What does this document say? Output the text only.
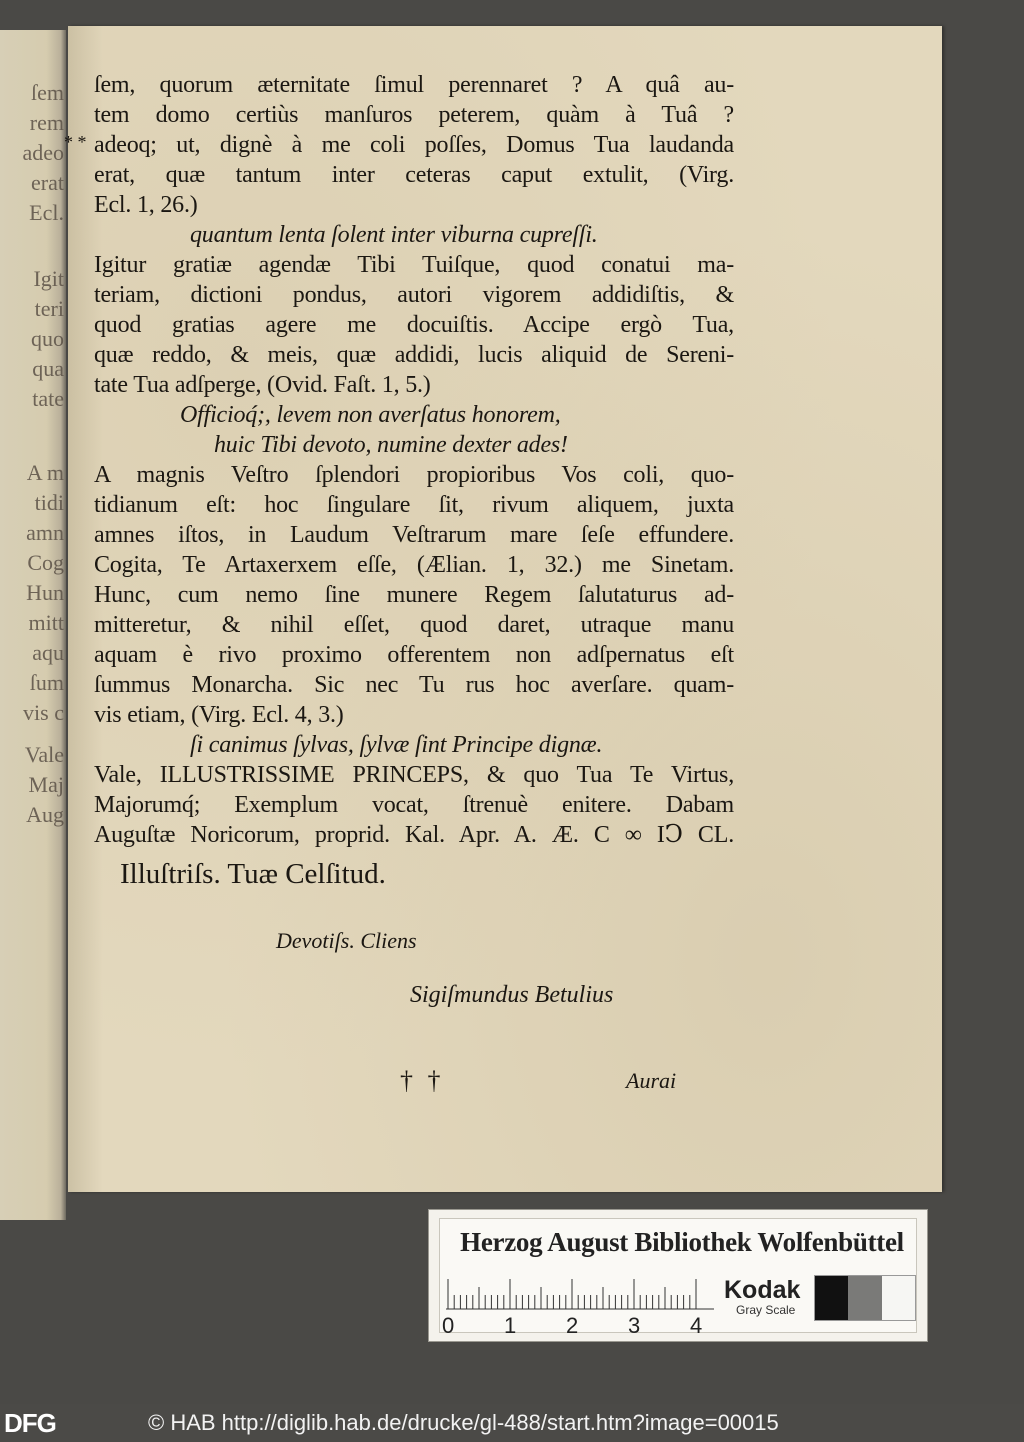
ſem
rem
adeo
erat
Ecl.
Igit
teri
quo
qua
tate
A m
tidi
amn
Cog
Hun
mitt
aqu
ſum
vis c
Vale
Maj
Aug
* *
ſem, quorum æternitate ſimul perennaret ? A quâ au-
tem domo certiùs manſuros peterem, quàm à Tuâ ?
adeoq; ut, dignè à me coli poſſes, Domus Tua laudanda
erat, quæ tantum inter ceteras caput extulit, (Virg.
Ecl. 1, 26.)
quantum lenta ſolent inter viburna cupreſſi.
Igitur gratiæ agendæ Tibi Tuiſque, quod conatui ma-
teriam, dictioni pondus, autori vigorem addidiſtis, &
quod gratias agere me docuiſtis. Accipe ergò Tua,
quæ reddo, & meis, quæ addidi, lucis aliquid de Sereni-
tate Tua adſperge, (Ovid. Faſt. 1, 5.)
Officioq́;, levem non averſatus honorem,
huic Tibi devoto, numine dexter ades!
A magnis Veſtro ſplendori propioribus Vos coli, quo-
tidianum eſt: hoc ſingulare ſit, rivum aliquem, juxta
amnes iſtos, in Laudum Veſtrarum mare ſeſe effundere.
Cogita, Te Artaxerxem eſſe, (Ælian. 1, 32.) me Sinetam.
Hunc, cum nemo ſine munere Regem ſalutaturus ad-
mitteretur, & nihil eſſet, quod daret, utraque manu
aquam è rivo proximo offerentem non adſpernatus eſt
ſummus Monarcha. Sic nec Tu rus hoc averſare. quam-
vis etiam, (Virg. Ecl. 4, 3.)
ſi canimus ſylvas, ſylvæ ſint Principe dignæ.
Vale, ILLUSTRISSIME PRINCEPS, & quo Tua Te Virtus,
Majorumq́; Exemplum vocat, ſtrenuè enitere. Dabam
Auguſtæ Noricorum, proprid. Kal. Apr. A. Æ. C ∞ IↃ CL.
Illuſtriſs. Tuæ Celſitud.
Devotiſs. Cliens
Sigiſmundus Betulius
† †	Aurai
Herzog August Bibliothek Wolfenbüttel
0 1 2 3 4
Kodak
Gray Scale
DFG	© HAB http://diglib.hab.de/drucke/gl-488/start.htm?image=00015
